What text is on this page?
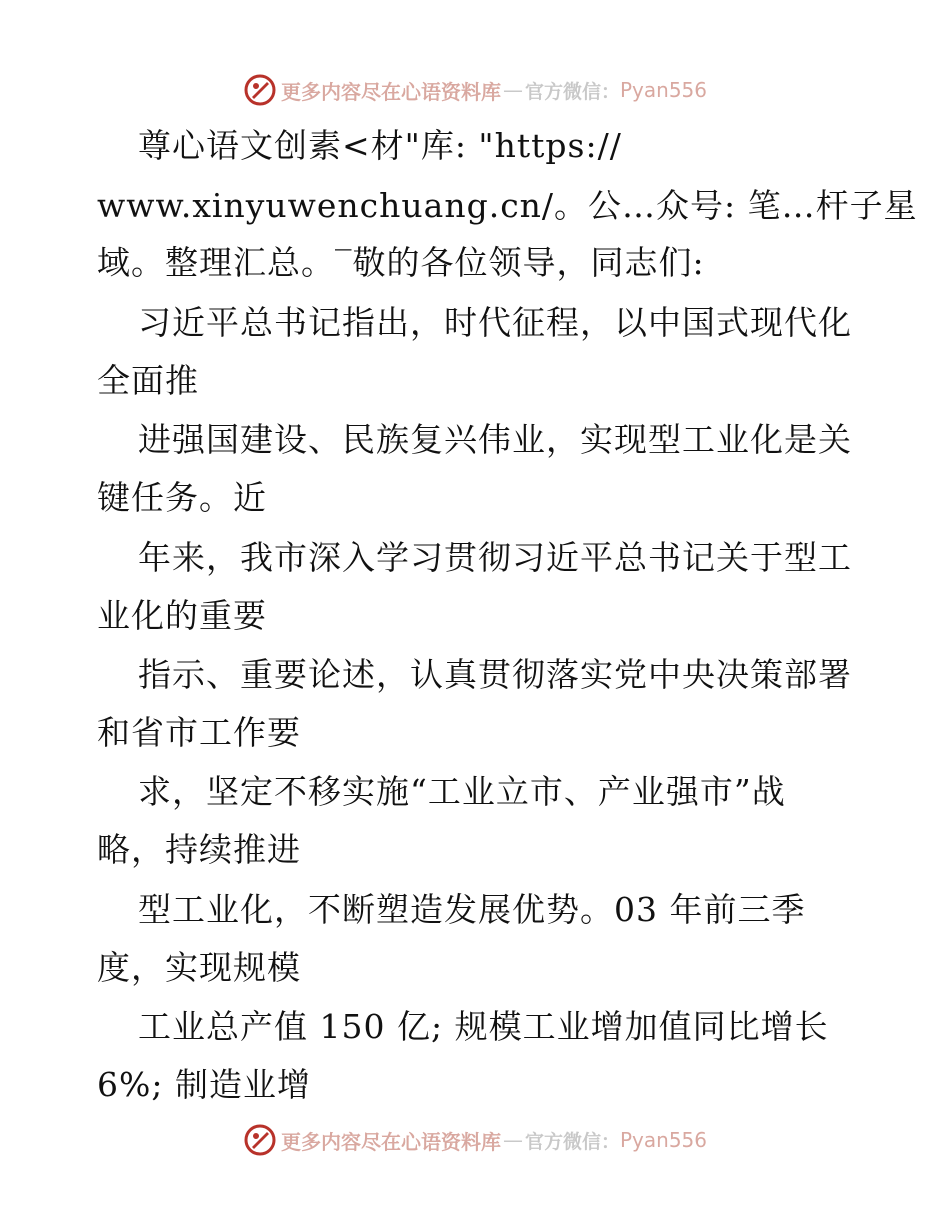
更多内容尽在心语资料库 — 官方微信： Pyan556
尊心语文创素<材"库: "https://
www.xinyuwenchuang.cn/。公…众号: 笔…杆子星
域。整理汇总。‾敬的各位领导，同志们:
习近平总书记指出，时代征程，以中国式现代化
全面推
进强国建设、民族复兴伟业，实现型工业化是关
键任务。近
年来，我市深入学习贯彻习近平总书记关于型工
业化的重要
指示、重要论述，认真贯彻落实党中央决策部署
和省市工作要
求，坚定不移实施“工业立市、产业强市”战
略，持续推进
型工业化，不断塑造发展优势。03 年前三季
度，实现规模
工业总产值 150 亿; 规模工业增加值同比增长
6%; 制造业增
更多内容尽在心语资料库 — 官方微信： Pyan556
